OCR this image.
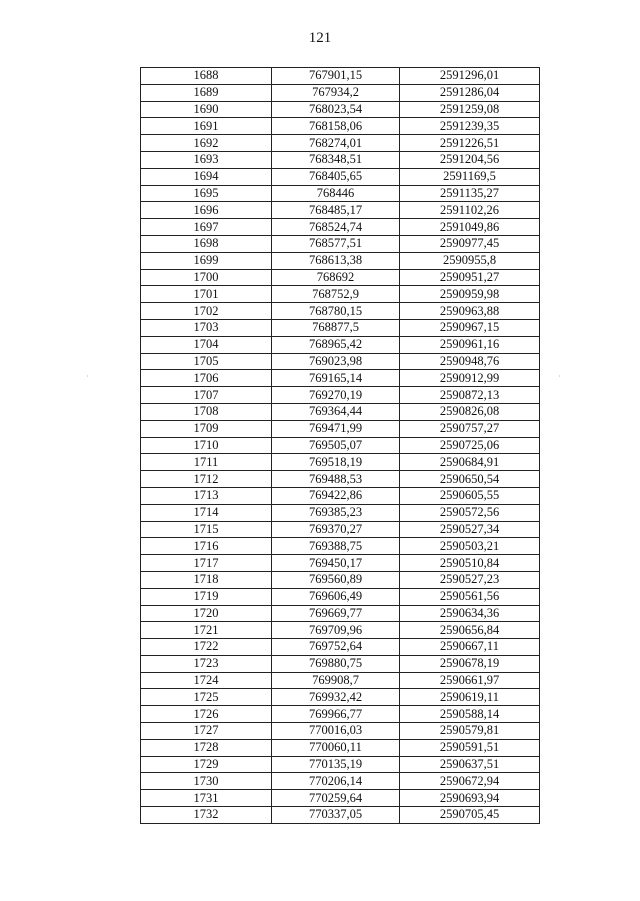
121
1688	767901,15	2591296,01
1689	767934,2	2591286,04
1690	768023,54	2591259,08
1691	768158,06	2591239,35
1692	768274,01	2591226,51
1693	768348,51	2591204,56
1694	768405,65	2591169,5
1695	768446	2591135,27
1696	768485,17	2591102,26
1697	768524,74	2591049,86
1698	768577,51	2590977,45
1699	768613,38	2590955,8
1700	768692	2590951,27
1701	768752,9	2590959,98
1702	768780,15	2590963,88
1703	768877,5	2590967,15
1704	768965,42	2590961,16
1705	769023,98	2590948,76
1706	769165,14	2590912,99
1707	769270,19	2590872,13
1708	769364,44	2590826,08
1709	769471,99	2590757,27
1710	769505,07	2590725,06
1711	769518,19	2590684,91
1712	769488,53	2590650,54
1713	769422,86	2590605,55
1714	769385,23	2590572,56
1715	769370,27	2590527,34
1716	769388,75	2590503,21
1717	769450,17	2590510,84
1718	769560,89	2590527,23
1719	769606,49	2590561,56
1720	769669,77	2590634,36
1721	769709,96	2590656,84
1722	769752,64	2590667,11
1723	769880,75	2590678,19
1724	769908,7	2590661,97
1725	769932,42	2590619,11
1726	769966,77	2590588,14
1727	770016,03	2590579,81
1728	770060,11	2590591,51
1729	770135,19	2590637,51
1730	770206,14	2590672,94
1731	770259,64	2590693,94
1732	770337,05	2590705,45
·	·
